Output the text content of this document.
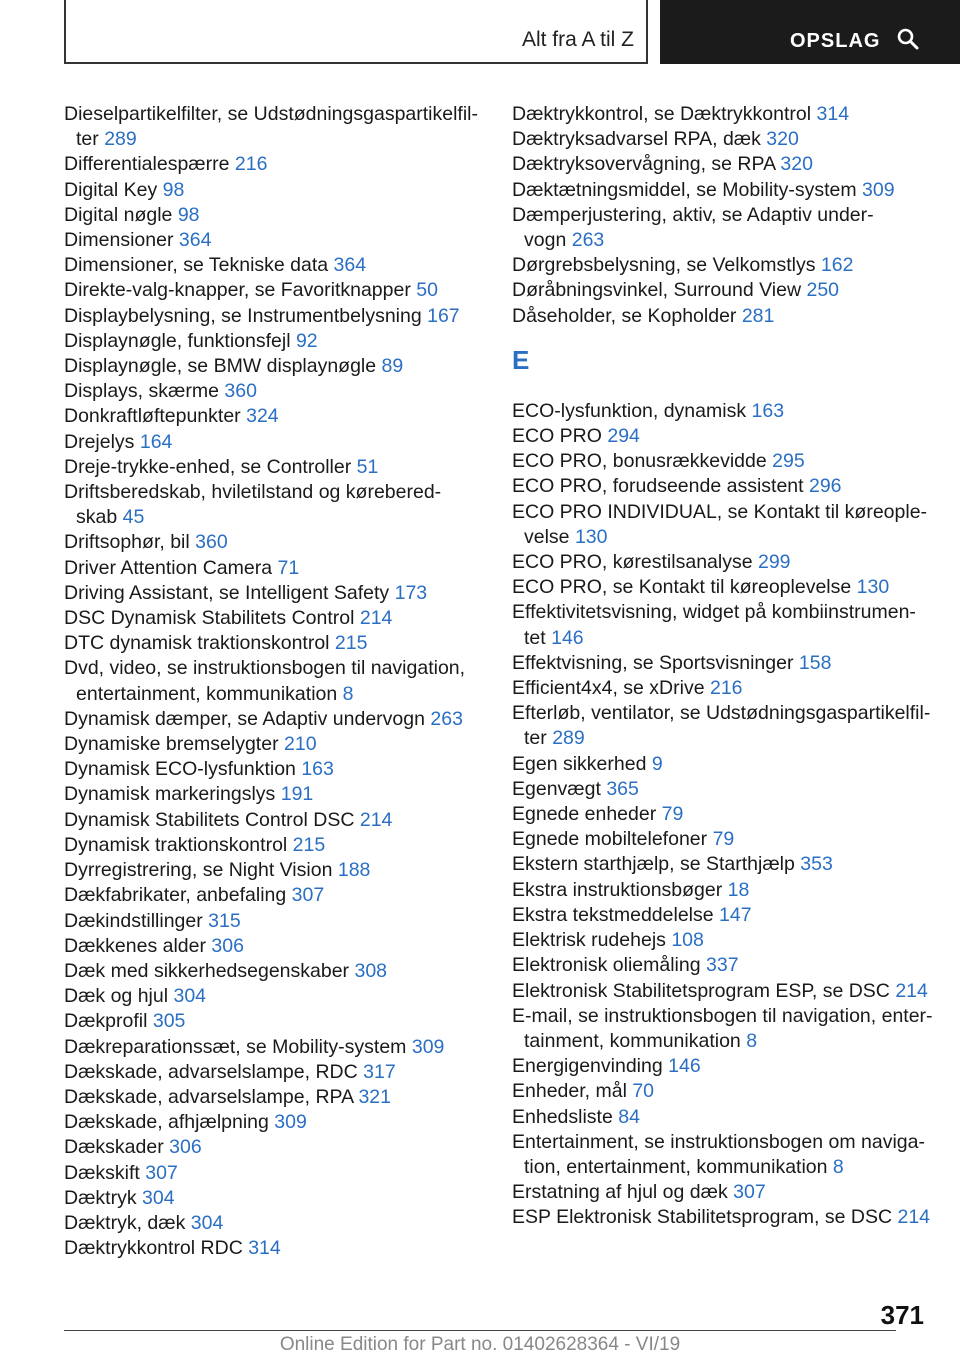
Alt fra A til Z	OPSLAG
Dieselpartikelfilter, se Udstødningsgaspartikelfil-
ter 289
Differentialespærre 216
Digital Key 98
Digital nøgle 98
Dimensioner 364
Dimensioner, se Tekniske data 364
Direkte-valg-knapper, se Favoritknapper 50
Displaybelysning, se Instrumentbelysning 167
Displaynøgle, funktionsfejl 92
Displaynøgle, se BMW displaynøgle 89
Displays, skærme 360
Donkraftløftepunkter 324
Drejelys 164
Dreje-trykke-enhed, se Controller 51
Driftsberedskab, hviletilstand og kørebered-
skab 45
Driftsophør, bil 360
Driver Attention Camera 71
Driving Assistant, se Intelligent Safety 173
DSC Dynamisk Stabilitets Control 214
DTC dynamisk traktionskontrol 215
Dvd, video, se instruktionsbogen til navigation,
entertainment, kommunikation 8
Dynamisk dæmper, se Adaptiv undervogn 263
Dynamiske bremselygter 210
Dynamisk ECO-lysfunktion 163
Dynamisk markeringslys 191
Dynamisk Stabilitets Control DSC 214
Dynamisk traktionskontrol 215
Dyrregistrering, se Night Vision 188
Dækfabrikater, anbefaling 307
Dækindstillinger 315
Dækkenes alder 306
Dæk med sikkerhedsegenskaber 308
Dæk og hjul 304
Dækprofil 305
Dækreparationssæt, se Mobility-system 309
Dækskade, advarselslampe, RDC 317
Dækskade, advarselslampe, RPA 321
Dækskade, afhjælpning 309
Dækskader 306
Dækskift 307
Dæktryk 304
Dæktryk, dæk 304
Dæktrykkontrol RDC 314
Dæktrykkontrol, se Dæktrykkontrol 314
Dæktryksadvarsel RPA, dæk 320
Dæktryksovervågning, se RPA 320
Dæktætningsmiddel, se Mobility-system 309
Dæmperjustering, aktiv, se Adaptiv under-
vogn 263
Dørgrebsbelysning, se Velkomstlys 162
Døråbningsvinkel, Surround View 250
Dåseholder, se Kopholder 281
E
ECO-lysfunktion, dynamisk 163
ECO PRO 294
ECO PRO, bonusrækkevidde 295
ECO PRO, forudseende assistent 296
ECO PRO INDIVIDUAL, se Kontakt til køreople-
velse 130
ECO PRO, kørestilsanalyse 299
ECO PRO, se Kontakt til køreoplevelse 130
Effektivitetsvisning, widget på kombiinstrumen-
tet 146
Effektvisning, se Sportsvisninger 158
Efficient4x4, se xDrive 216
Efterløb, ventilator, se Udstødningsgaspartikelfil-
ter 289
Egen sikkerhed 9
Egenvægt 365
Egnede enheder 79
Egnede mobiltelefoner 79
Ekstern starthjælp, se Starthjælp 353
Ekstra instruktionsbøger 18
Ekstra tekstmeddelelse 147
Elektrisk rudehejs 108
Elektronisk oliemåling 337
Elektronisk Stabilitetsprogram ESP, se DSC 214
E-mail, se instruktionsbogen til navigation, enter-
tainment, kommunikation 8
Energigenvinding 146
Enheder, mål 70
Enhedsliste 84
Entertainment, se instruktionsbogen om naviga-
tion, entertainment, kommunikation 8
Erstatning af hjul og dæk 307
ESP Elektronisk Stabilitetsprogram, se DSC 214
371
Online Edition for Part no. 01402628364 - VI/19
